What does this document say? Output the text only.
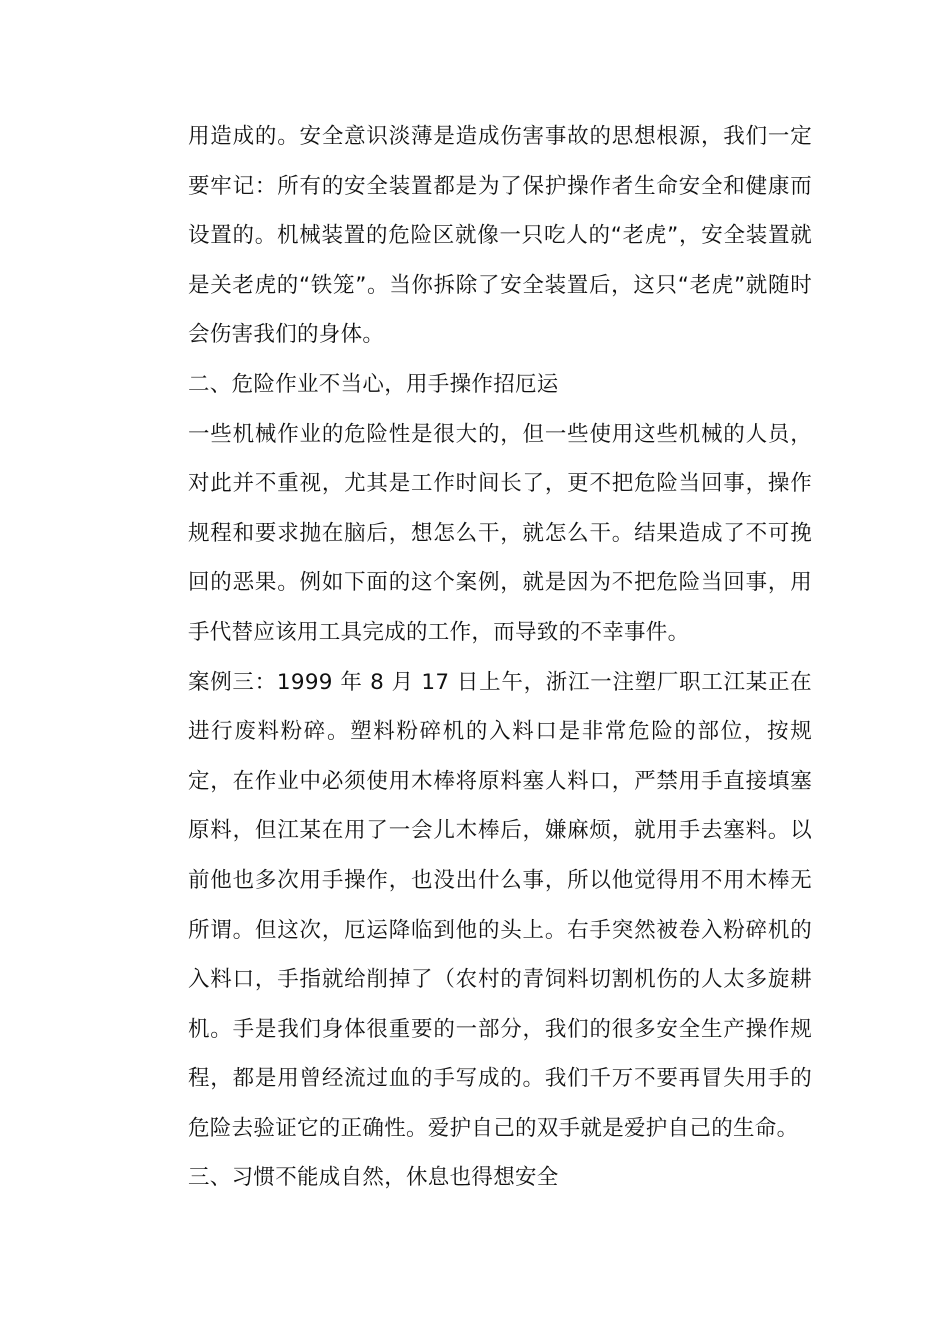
用造成的。安全意识淡薄是造成伤害事故的思想根源，我们一定要牢记：所有的安全装置都是为了保护操作者生命安全和健康而设置的。机械装置的危险区就像一只吃人的“老虎”，安全装置就是关老虎的“铁笼”。当你拆除了安全装置后，这只“老虎”就随时会伤害我们的身体。

二、危险作业不当心，用手操作招厄运

一些机械作业的危险性是很大的，但一些使用这些机械的人员，对此并不重视，尤其是工作时间长了，更不把危险当回事，操作规程和要求抛在脑后，想怎么干，就怎么干。结果造成了不可挽回的恶果。例如下面的这个案例，就是因为不把危险当回事，用手代替应该用工具完成的工作，而导致的不幸事件。

案例三：1999 年 8 月 17 日上午，浙江一注塑厂职工江某正在进行废料粉碎。塑料粉碎机的入料口是非常危险的部位，按规定，在作业中必须使用木棒将原料塞人料口，严禁用手直接填塞原料，但江某在用了一会儿木棒后，嫌麻烦，就用手去塞料。以前他也多次用手操作，也没出什么事，所以他觉得用不用木棒无所谓。但这次，厄运降临到他的头上。右手突然被卷入粉碎机的入料口，手指就给削掉了（农村的青饲料切割机伤的人太多旋耕机。手是我们身体很重要的一部分，我们的很多安全生产操作规程，都是用曾经流过血的手写成的。我们千万不要再冒失用手的危险去验证它的正确性。爱护自己的双手就是爱护自己的生命。

三、习惯不能成自然，休息也得想安全
